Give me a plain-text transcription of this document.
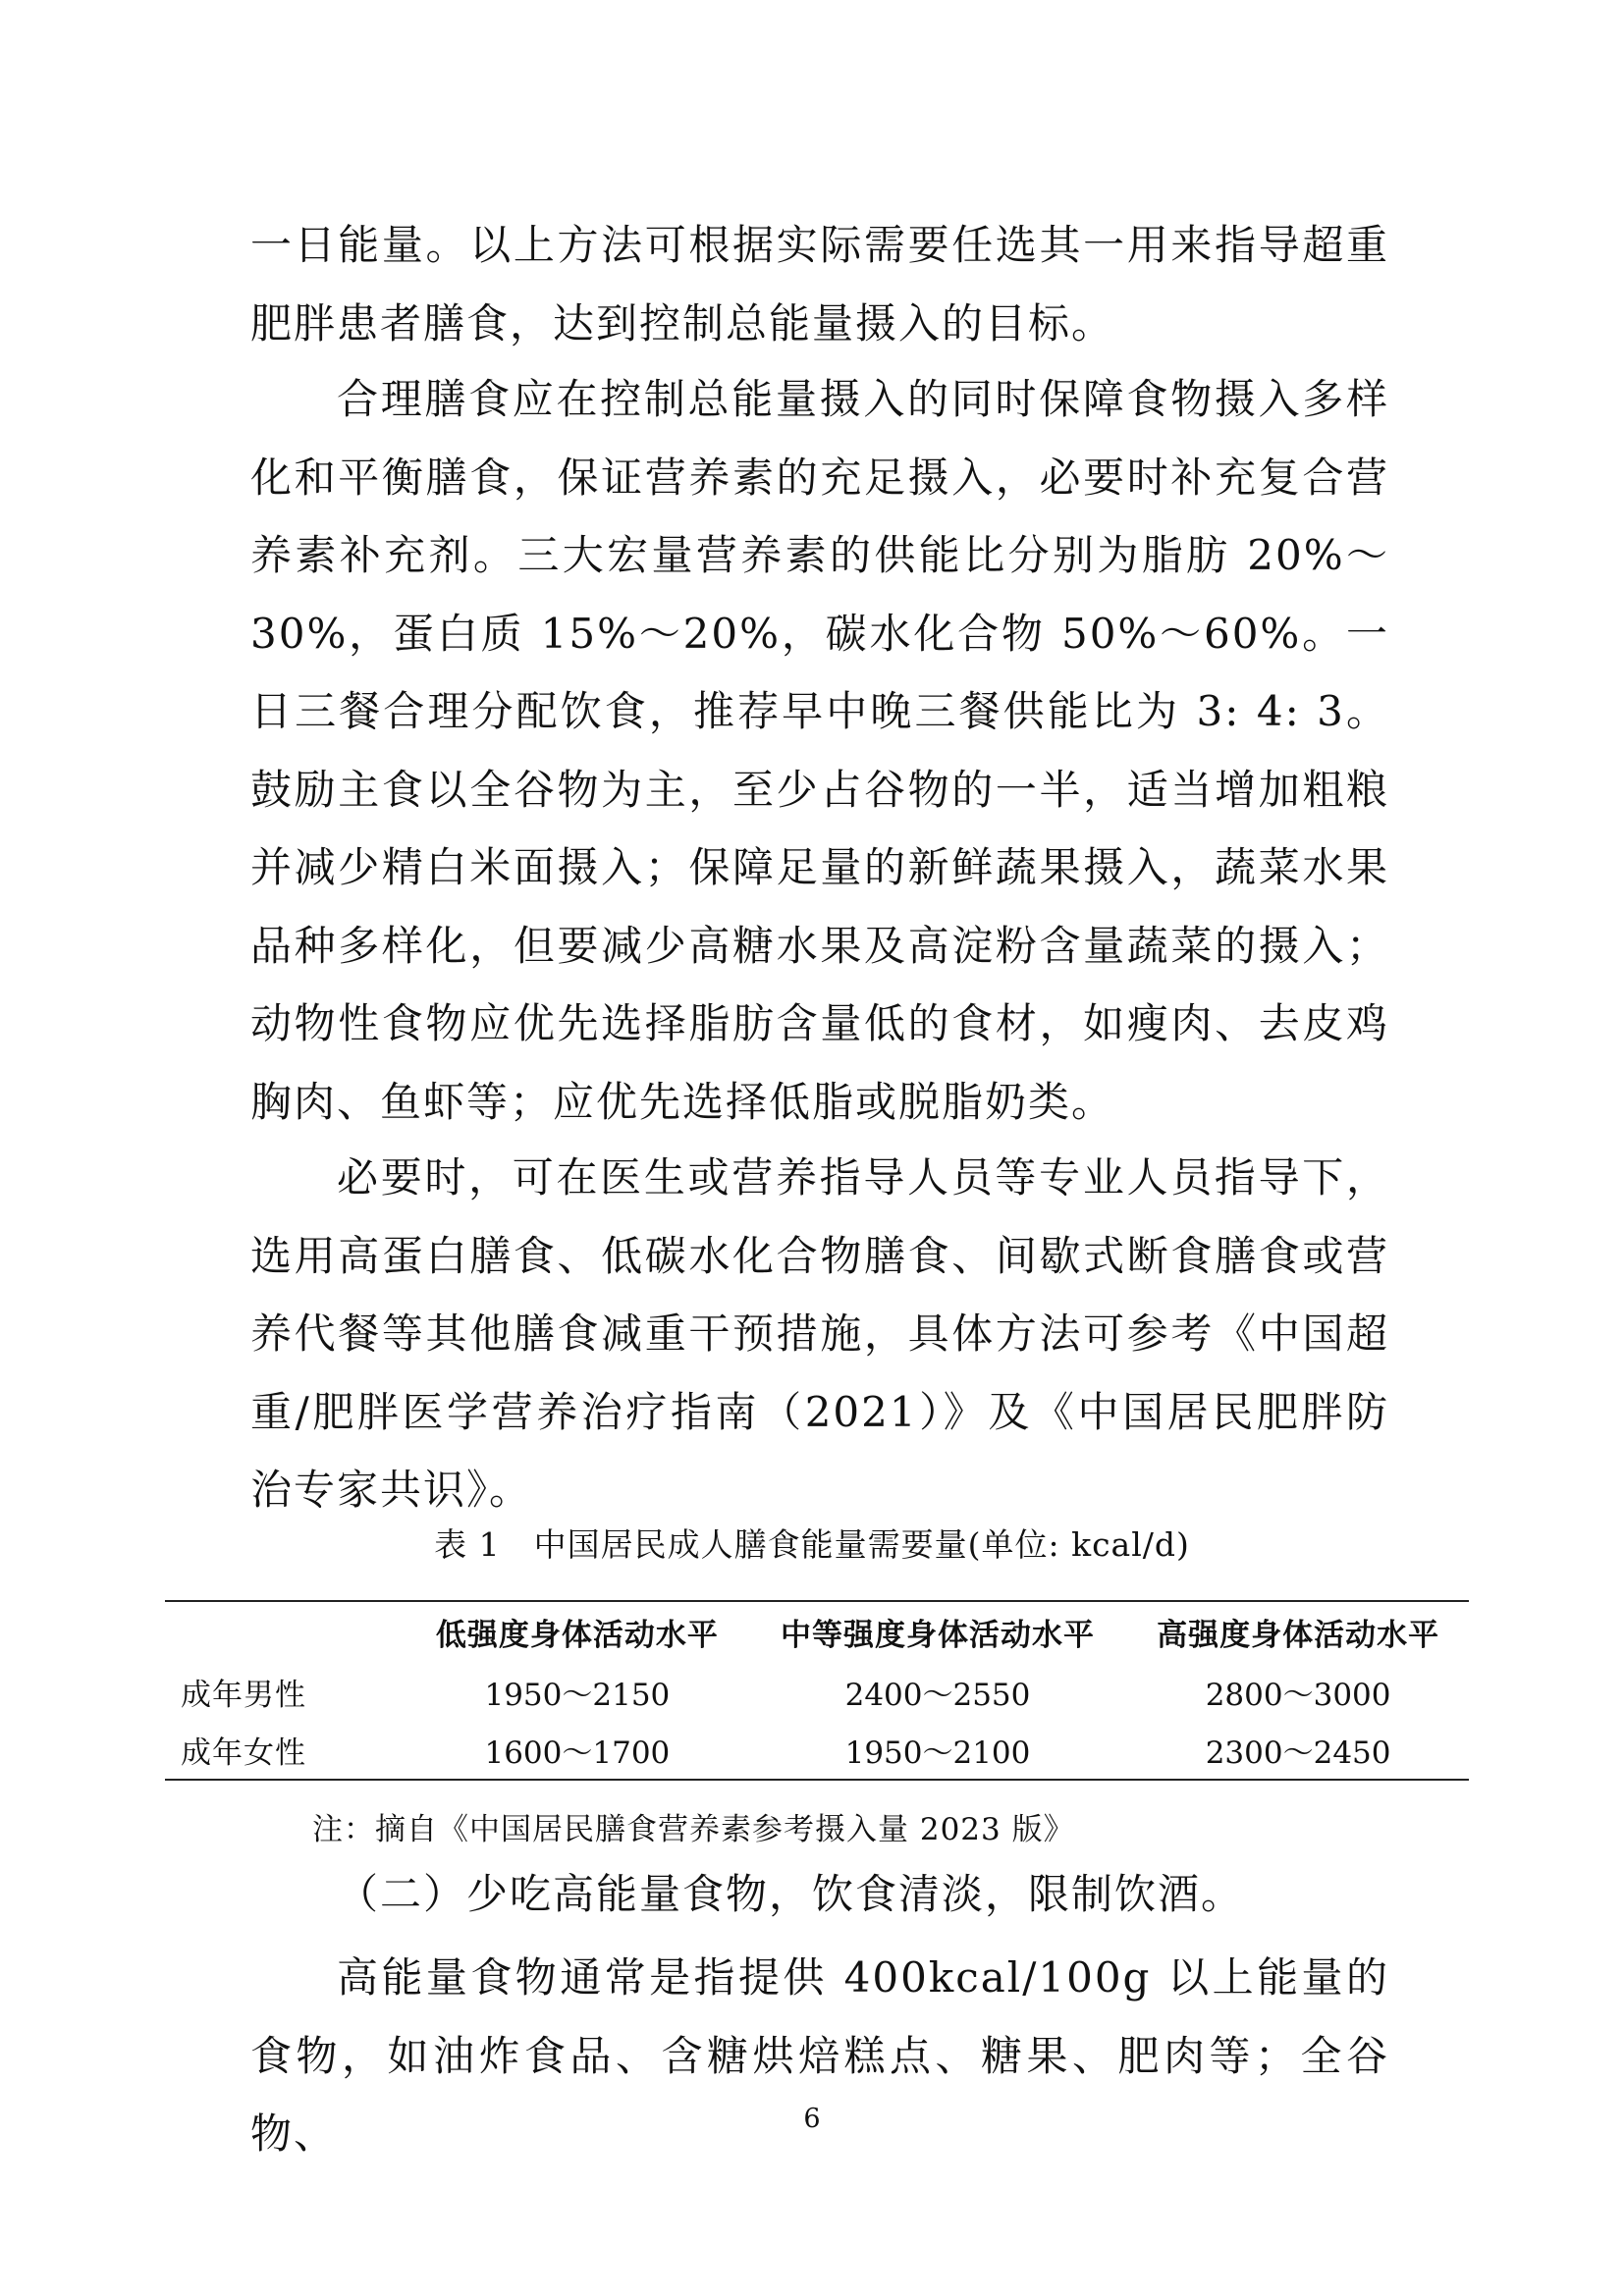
一日能量。以上方法可根据实际需要任选其一用来指导超重肥胖患者膳食，达到控制总能量摄入的目标。

合理膳食应在控制总能量摄入的同时保障食物摄入多样化和平衡膳食，保证营养素的充足摄入，必要时补充复合营养素补充剂。三大宏量营养素的供能比分别为脂肪 20%～30%，蛋白质 15%～20%，碳水化合物 50%～60%。一日三餐合理分配饮食，推荐早中晚三餐供能比为 3: 4: 3。鼓励主食以全谷物为主，至少占谷物的一半，适当增加粗粮并减少精白米面摄入；保障足量的新鲜蔬果摄入，蔬菜水果品种多样化，但要减少高糖水果及高淀粉含量蔬菜的摄入；动物性食物应优先选择脂肪含量低的食材，如瘦肉、去皮鸡胸肉、鱼虾等；应优先选择低脂或脱脂奶类。

必要时，可在医生或营养指导人员等专业人员指导下，选用高蛋白膳食、低碳水化合物膳食、间歇式断食膳食或营养代餐等其他膳食减重干预措施，具体方法可参考《中国超重/肥胖医学营养治疗指南（2021）》及《中国居民肥胖防治专家共识》。

表 1 中国居民成人膳食能量需要量(单位: kcal/d)
	低强度身体活动水平	中等强度身体活动水平	高强度身体活动水平
成年男性	1950～2150	2400～2550	2800～3000
成年女性	1600～1700	1950～2100	2300～2450
注：摘自《中国居民膳食营养素参考摄入量 2023 版》
（二）少吃高能量食物，饮食清淡，限制饮酒。

高能量食物通常是指提供 400kcal/100g 以上能量的食物，如油炸食品、含糖烘焙糕点、糖果、肥肉等；全谷物、	6
